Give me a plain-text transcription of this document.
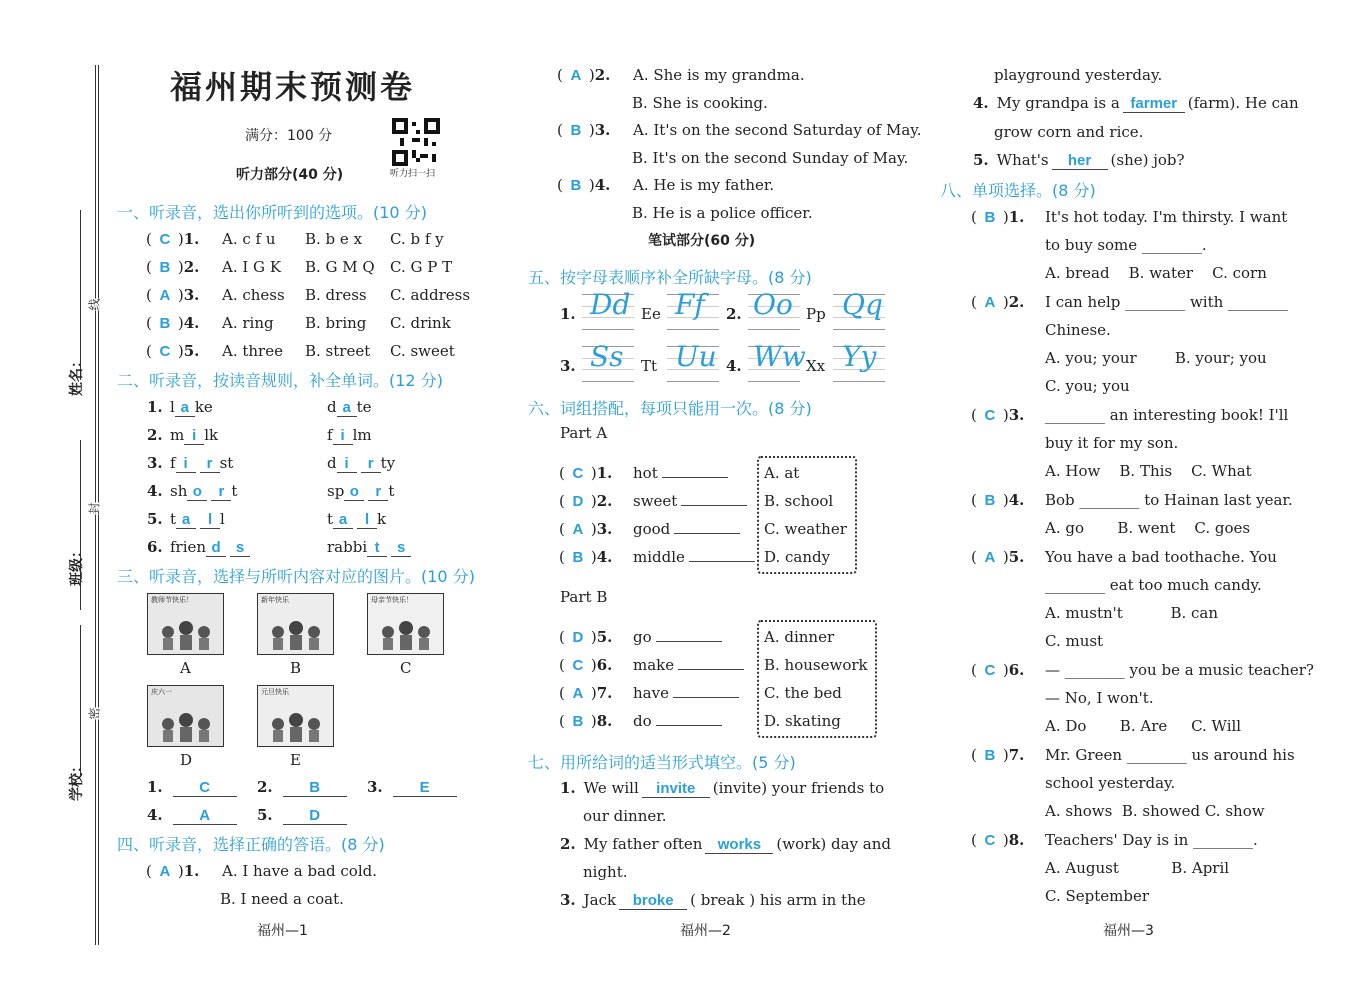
姓名：
班级：
学校：
线
封
密
福州期末预测卷
满分：100 分
听力扫一扫
听力部分(40 分)
一、听录音，选出你所听到的选项。(10 分)
( C )1. A. c f u B. b e x C. b f y
( B )2. A. I G K B. G M Q C. G P T
( A )3. A. chess B. dress C. address
( B )4. A. ring B. bring C. drink
( C )5. A. three B. street C. sweet
二、听录音，按读音规则，补全单词。(12 分)
1. l a ke	d a te
2. m i lk	f i lm
3. f i r st	d i r ty
4. sh o r t	sp o r t
5. t a l l	t a l k
6. frien d s	rabbi t s
三、听录音，选择与所听内容对应的图片。(10 分)
教师节快乐！
A
新年快乐
B
母亲节快乐！
C
庆六一
D
元旦快乐
E
1. C	2. B	3. E
4. A	5. D
四、听录音，选择正确的答语。(8 分)
( A )1. A. I have a bad cold.
B. I need a coat.
( A )2. A. She is my grandma.
B. She is cooking.
( B )3. A. It's on the second Saturday of May.
B. It's on the second Sunday of May.
( B )4. A. He is my father.
B. He is a police officer.
福州—1
笔试部分(60 分)
五、按字母表顺序补全所缺字母。(8 分)
1. Dd Ee Ff 2. Oo Pp Qq
3. Ss Tt Uu 4. Ww Xx Yy
六、词组搭配，每项只能用一次。(8 分)
Part A
Part B
( C )1. hot	A. at
( D )2. sweet	B. school
( A )3. good	C. weather
( B )4. middle	D. candy
( D )5. go	A. dinner
( C )6. make	B. housework
( A )7. have	C. the bed
( B )8. do	D. skating
七、用所给词的适当形式填空。(5 分)
1. We will invite (invite) your friends to
our dinner.
2. My father often works (work) day and
night.
3. Jack broke ( break ) his arm in the
4. My grandpa is a farmer (farm). He can
grow corn and rice.
5. What's her (she) job?
playground yesterday.
福州—2
八、单项选择。(8 分)
( B )1. It's hot today. I'm thirsty. I want
to buy some ________.
A. bread    B. water    C. corn
( A )2. I can help ________ with ________
Chinese.
A. you; your        B. your; you
C. you; you
( C )3. ________ an interesting book! I'll
buy it for my son.
A. How    B. This    C. What
( B )4. Bob ________ to Hainan last year.
A. go       B. went    C. goes
( A )5. You have a bad toothache. You
________ eat too much candy.
A. mustn't          B. can
C. must
( C )6. — ________ you be a music teacher?
— No, I won't.
A. Do       B. Are     C. Will
( B )7. Mr. Green ________ us around his
school yesterday.
A. shows  B. showed C. show
( C )8. Teachers' Day is in ________.
A. August           B. April
C. September
福州—3
